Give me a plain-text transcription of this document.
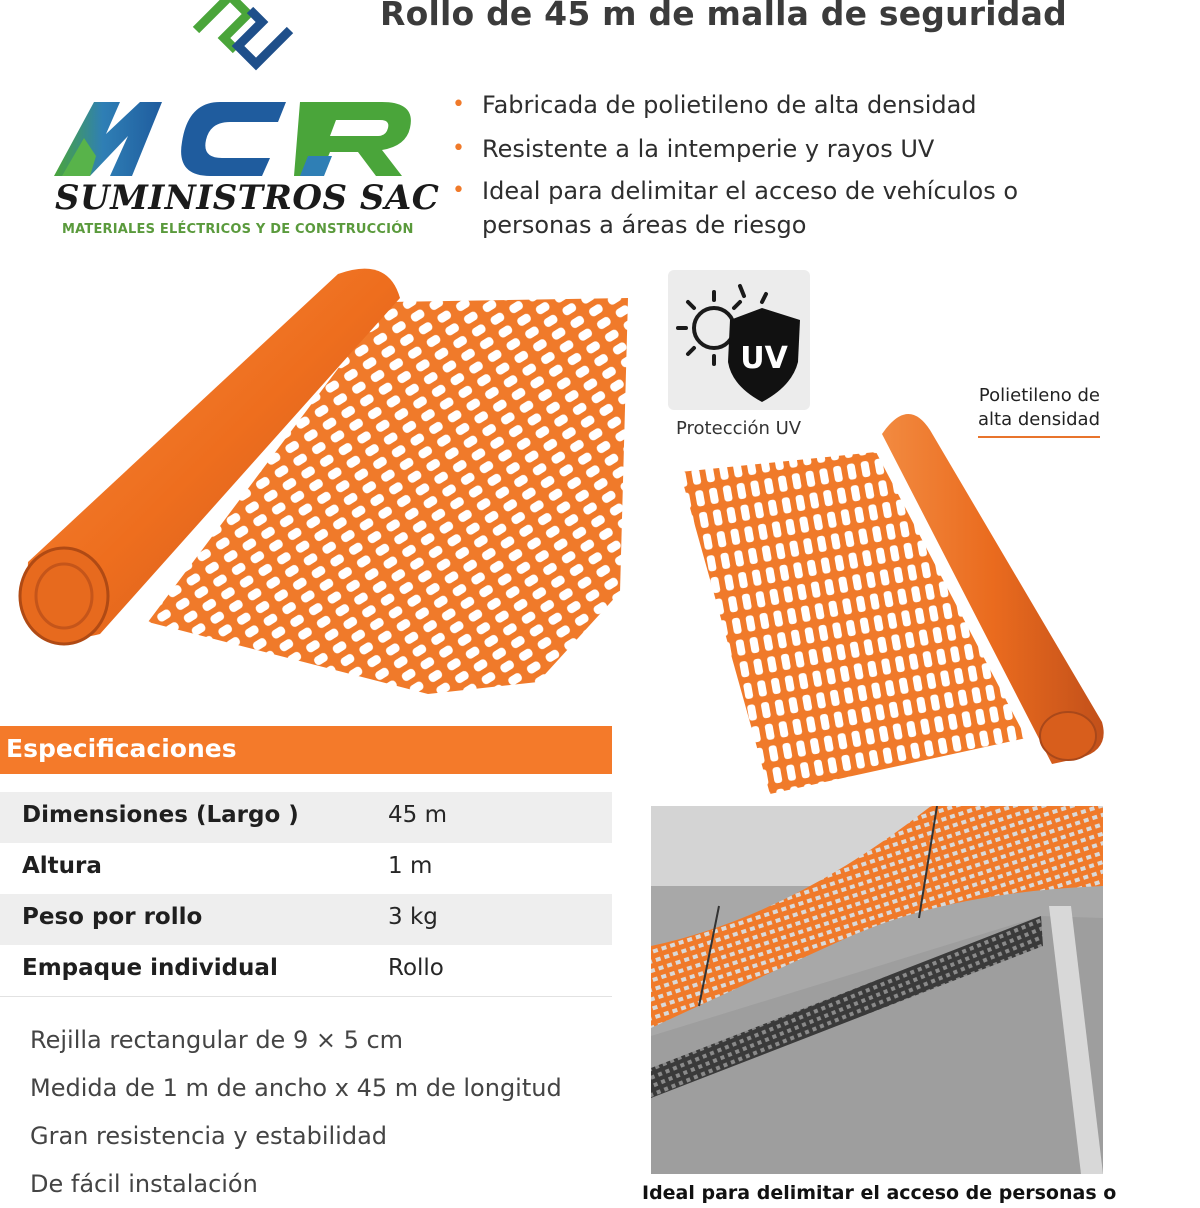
Rollo de 45 m de malla de seguridad
SUMINISTROS SAC
MATERIALES ELÉCTRICOS Y DE CONSTRUCCIÓN
• Fabricada de polietileno de alta densidad
• Resistente a la intemperie y rayos UV
• Ideal para delimitar el acceso de vehículos o personas a áreas de riesgo
UV
Protección UV
Polietileno de alta densidad
Especificaciones
Dimensiones (Largo )	45 m
Altura	1 m
Peso por rollo	3 kg
Empaque individual	Rollo
Rejilla rectangular de 9 × 5 cm
Medida de 1 m de ancho x 45 m de longitud
Gran resistencia y estabilidad
De fácil instalación	Ideal para delimitar el acceso de personas o
